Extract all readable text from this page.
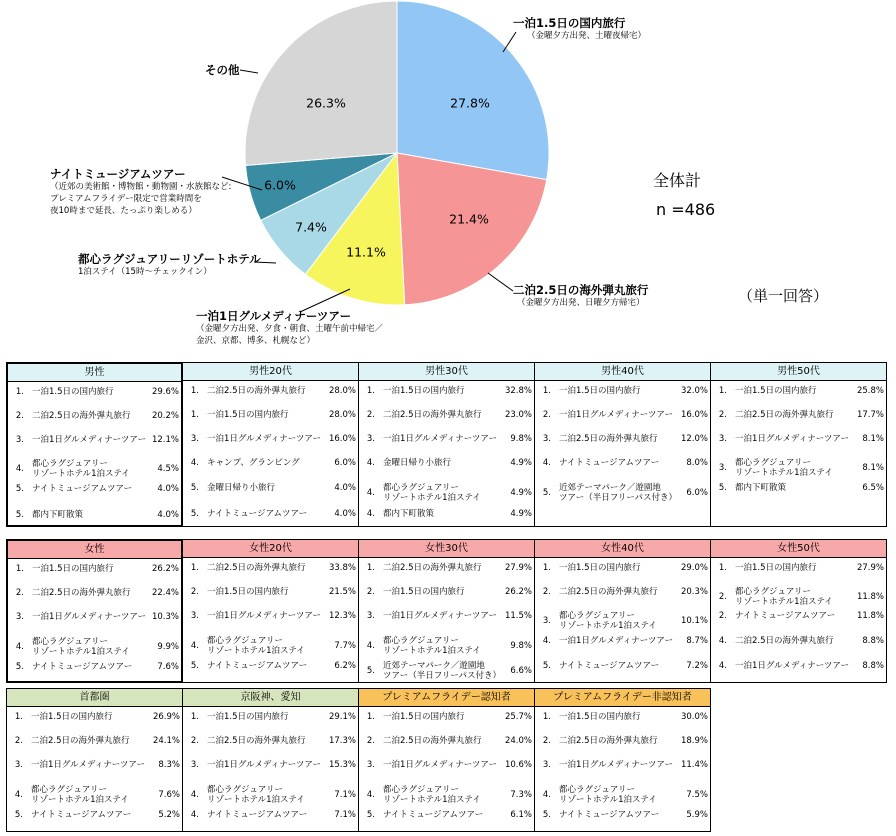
一泊1.5日の国内旅行
（金曜夕方出発、土曜夜帰宅）
二泊2.5日の海外弾丸旅行
（金曜夕方出発、日曜夕方帰宅）
一泊1日グルメディナーツアー
（金曜夕方出発、夕食・朝食、土曜午前中帰宅／
金沢、京都、博多、札幌など）
都心ラグジュアリーリゾートホテル
1泊ステイ（15時～チェックイン）
ナイトミュージアムツアー
（近郊の美術館・博物館・動物園・水族館など:
プレミアムフライデー限定で営業時間を
夜10時まで延長、たっぷり楽しめる）
その他
全体計
n =486
（単一回答）
27.8%
21.4%
11.1%
7.4%
6.0%
26.3%
男性
1. 一泊1.5日の国内旅行	29.6%
2. 二泊2.5日の海外弾丸旅行	20.2%
3. 一泊1日グルメディナーツアー 12.1%
4. 都心ラグジュアリー
リゾートホテル1泊ステイ	4.5%
5. ナイトミュージアムツアー	4.0%
5. 都内下町散策	4.0%
男性20代
1. 二泊2.5日の海外弾丸旅行	28.0%
1. 一泊1.5日の国内旅行	28.0%
3. 一泊1日グルメディナーツアー 16.0%
4. キャンプ、グランピング	6.0%
5. 金曜日帰り小旅行	4.0%
5. ナイトミュージアムツアー	4.0%
男性30代
1. 一泊1.5日の国内旅行	32.8%
2. 二泊2.5日の海外弾丸旅行	23.0%
3. 一泊1日グルメディナーツアー	9.8%
4. 金曜日帰り小旅行	4.9%
4. 都心ラグジュアリー
リゾートホテル1泊ステイ	4.9%
4. 都内下町散策	4.9%
男性40代
1. 一泊1.5日の国内旅行	32.0%
2. 一泊1日グルメディナーツアー 16.0%
3. 二泊2.5日の海外弾丸旅行	12.0%
4. ナイトミュージアムツアー	8.0%
5. 近郊テーマパーク／遊園地
ツアー（半日フリーパス付き）	6.0%
男性50代
1. 一泊1.5日の国内旅行	25.8%
2. 二泊2.5日の海外弾丸旅行	17.7%
3. 一泊1日グルメディナーツアー	8.1%
3. 都心ラグジュアリー
リゾートホテル1泊ステイ	8.1%
5. 都内下町散策	6.5%
女性
1. 一泊1.5日の国内旅行	26.2%
2. 二泊2.5日の海外弾丸旅行	22.4%
3. 一泊1日グルメディナーツアー 10.3%
4. 都心ラグジュアリー
リゾートホテル1泊ステイ	9.9%
5. ナイトミュージアムツアー	7.6%
女性20代
1. 二泊2.5日の海外弾丸旅行	33.8%
2. 一泊1.5日の国内旅行	21.5%
3. 一泊1日グルメディナーツアー 12.3%
4. 都心ラグジュアリー
リゾートホテル1泊ステイ	7.7%
5. ナイトミュージアムツアー	6.2%
女性30代
1. 二泊2.5日の海外弾丸旅行	27.9%
2. 一泊1.5日の国内旅行	26.2%
3. 一泊1日グルメディナーツアー 11.5%
4. 都心ラグジュアリー
リゾートホテル1泊ステイ	9.8%
5. 近郊テーマパーク／遊園地
ツアー（半日フリーパス付き）	6.6%
女性40代
1. 一泊1.5日の国内旅行	29.0%
2. 二泊2.5日の海外弾丸旅行	20.3%
3. 都心ラグジュアリー
リゾートホテル1泊ステイ	10.1%
4. 一泊1日グルメディナーツアー	8.7%
5. ナイトミュージアムツアー	7.2%
女性50代
1. 一泊1.5日の国内旅行	27.9%
2. 都心ラグジュアリー
リゾートホテル1泊ステイ	11.8%
2. ナイトミュージアムツアー	11.8%
4. 二泊2.5日の海外弾丸旅行	8.8%
4. 一泊1日グルメディナーツアー	8.8%
首都圏
1. 一泊1.5日の国内旅行	26.9%
2. 二泊2.5日の海外弾丸旅行	24.1%
3. 一泊1日グルメディナーツアー	8.3%
4. 都心ラグジュアリー
リゾートホテル1泊ステイ	7.6%
5. ナイトミュージアムツアー	5.2%
京阪神、愛知
1. 一泊1.5日の国内旅行	29.1%
2. 二泊2.5日の海外弾丸旅行	17.3%
3. 一泊1日グルメディナーツアー 15.3%
4. 都心ラグジュアリー
リゾートホテル1泊ステイ	7.1%
4. ナイトミュージアムツアー	7.1%
プレミアムフライデー認知者
1. 一泊1.5日の国内旅行	25.7%
2. 二泊2.5日の海外弾丸旅行	24.0%
3. 一泊1日グルメディナーツアー 10.6%
4. 都心ラグジュアリー
リゾートホテル1泊ステイ	7.3%
5. ナイトミュージアムツアー	6.1%
プレミアムフライデー非認知者
1. 一泊1.5日の国内旅行	30.0%
2. 二泊2.5日の海外弾丸旅行	18.9%
3. 一泊1日グルメディナーツアー 11.4%
4. 都心ラグジュアリー
リゾートホテル1泊ステイ	7.5%
5. ナイトミュージアムツアー	5.9%
